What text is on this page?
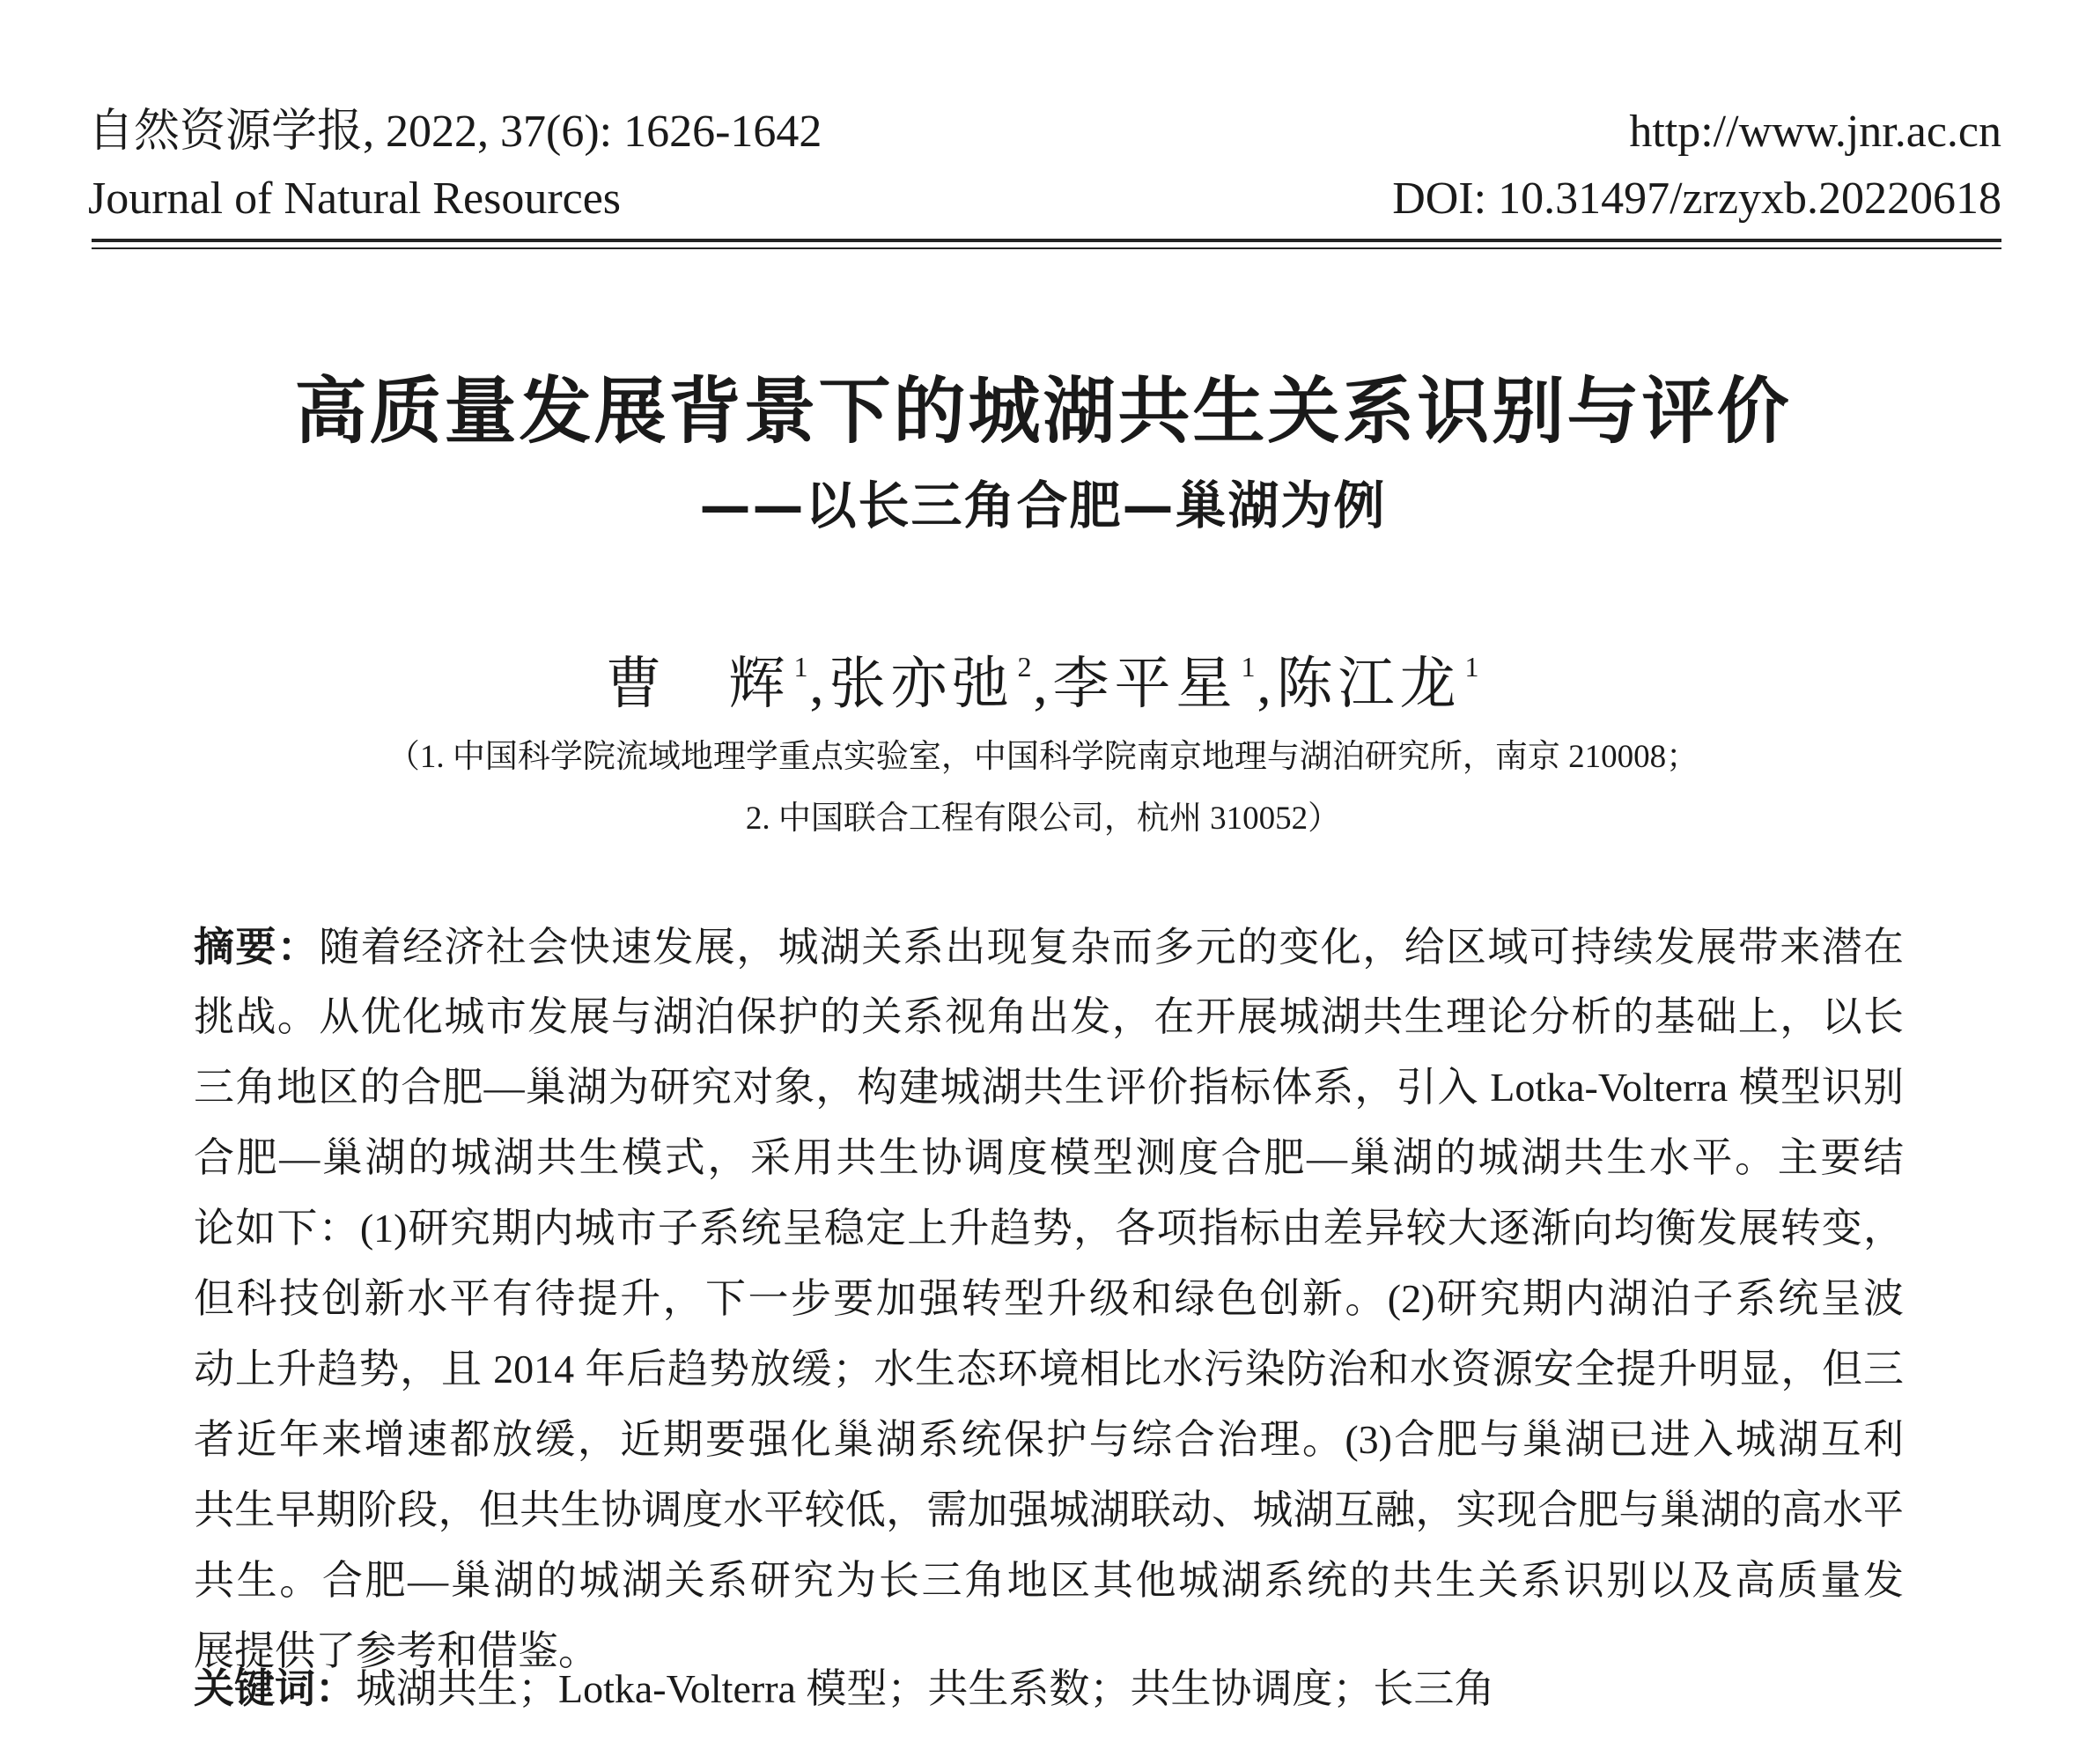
自然资源学报, 2022, 37(6): 1626-1642	http://www.jnr.ac.cn
Journal of Natural Resources	DOI: 10.31497/zrzyxb.20220618
高质量发展背景下的城湖共生关系识别与评价
——以长三角合肥—巢湖为例
曹　辉 $^1$,张亦弛 $^2$,李平星 $^1$,陈江龙 $^1$
（1. 中国科学院流域地理学重点实验室，中国科学院南京地理与湖泊研究所，南京 210008；
2. 中国联合工程有限公司，杭州 310052）
摘要：随着经济社会快速发展，城湖关系出现复杂而多元的变化，给区域可持续发展带来潜在
挑战。从优化城市发展与湖泊保护的关系视角出发，在开展城湖共生理论分析的基础上，以长
三角地区的合肥—巢湖为研究对象，构建城湖共生评价指标体系，引入 Lotka-Volterra 模型识别
合肥—巢湖的城湖共生模式，采用共生协调度模型测度合肥—巢湖的城湖共生水平。主要结
论如下：(1)研究期内城市子系统呈稳定上升趋势，各项指标由差异较大逐渐向均衡发展转变，
但科技创新水平有待提升，下一步要加强转型升级和绿色创新。(2)研究期内湖泊子系统呈波
动上升趋势，且 2014 年后趋势放缓；水生态环境相比水污染防治和水资源安全提升明显，但三
者近年来增速都放缓，近期要强化巢湖系统保护与综合治理。(3)合肥与巢湖已进入城湖互利
共生早期阶段，但共生协调度水平较低，需加强城湖联动、城湖互融，实现合肥与巢湖的高水平
共生。合肥—巢湖的城湖关系研究为长三角地区其他城湖系统的共生关系识别以及高质量发
展提供了参考和借鉴。
关键词：城湖共生；Lotka-Volterra 模型；共生系数；共生协调度；长三角
